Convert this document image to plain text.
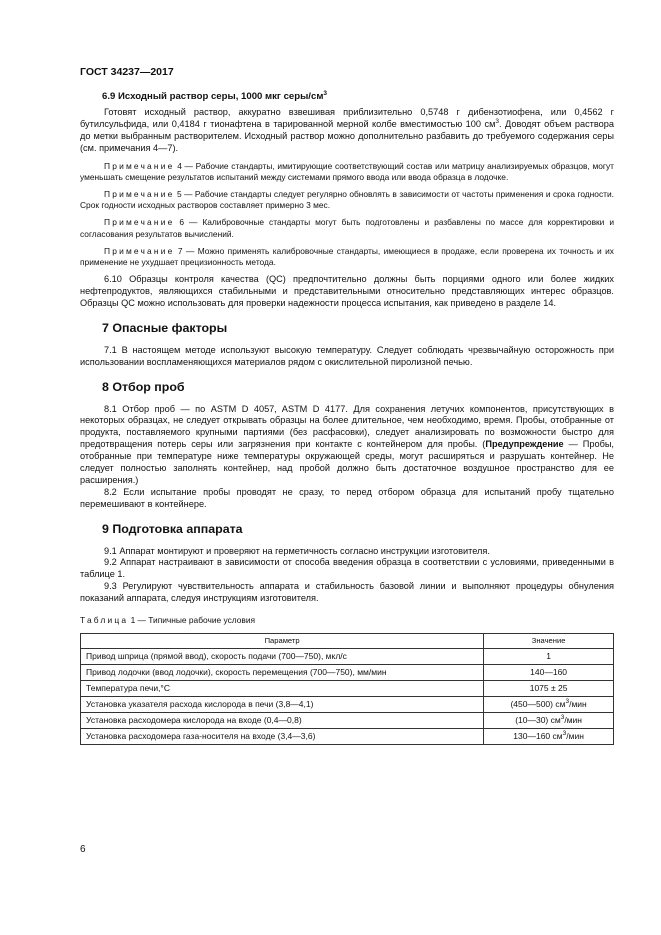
ГОСТ 34237—2017
6.9 Исходный раствор серы, 1000 мкг серы/$см^3$

Готовят исходный раствор, аккуратно взвешивая приблизительно 0,5748 г дибензотиофена, или 0,4562 г бутилсульфида, или 0,4184 г тионафтена в тарированной мерной колбе вместимостью 100 $см^3$. Доводят объем раствора до метки выбранным растворителем. Исходный раствор можно дополнительно разбавить до требуемого содержания серы (см. примечания 4—7).

Примечание 4 — Рабочие стандарты, имитирующие соответствующий состав или матрицу анализируемых образцов, могут уменьшать смещение результатов испытаний между системами прямого ввода или ввода образца в лодочке.

Примечание 5 — Рабочие стандарты следует регулярно обновлять в зависимости от частоты применения и срока годности. Срок годности исходных растворов составляет примерно 3 мес.

Примечание 6 — Калибровочные стандарты могут быть подготовлены и разбавлены по массе для корректировки и согласования результатов вычислений.

Примечание 7 — Можно применять калибровочные стандарты, имеющиеся в продаже, если проверена их точность и их применение не ухудшает прецизионность метода.

6.10 Образцы контроля качества (QC) предпочтительно должны быть порциями одного или более жидких нефтепродуктов, являющихся стабильными и представительными относительно представляющих интерес образцов. Образцы QC можно использовать для проверки надежности процесса испытания, как приведено в разделе 14.

7 Опасные факторы

7.1 В настоящем методе используют высокую температуру. Следует соблюдать чрезвычайную осторожность при использовании воспламеняющихся материалов рядом с окислительной пиролизной печью.

8 Отбор проб

8.1 Отбор проб — по ASTM D 4057, ASTM D 4177. Для сохранения летучих компонентов, присутствующих в некоторых образцах, не следует открывать образцы на более длительное, чем необходимо, время. Пробы, отобранные от продукта, поставляемого крупными партиями (без расфасовки), следует анализировать по возможности быстро для предотвращения потерь серы или загрязнения при контакте с контейнером для пробы. (Предупреждение — Пробы, отобранные при температуре ниже температуры окружающей среды, могут расширяться и разрушать контейнер. Не следует полностью заполнять контейнер, над пробой должно быть достаточное воздушное пространство для ее расширения.)

8.2 Если испытание пробы проводят не сразу, то перед отбором образца для испытаний пробу тщательно перемешивают в контейнере.

9 Подготовка аппарата

9.1 Аппарат монтируют и проверяют на герметичность согласно инструкции изготовителя.

9.2 Аппарат настраивают в зависимости от способа введения образца в соответствии с условиями, приведенными в таблице 1.

9.3 Регулируют чувствительность аппарата и стабильность базовой линии и выполняют процедуры обнуления показаний аппарата, следуя инструкциям изготовителя.

Таблица 1 — Типичные рабочие условия
Параметр	Значение
Привод шприца (прямой ввод), скорость подачи (700—750), мкл/с	1
Привод лодочки (ввод лодочки), скорость перемещения (700—750), мм/мин	140—160
Температура печи,°С	1075 ± 25
Установка указателя расхода кислорода в печи (3,8—4,1)	(450—500) $см^3$/мин
Установка расходомера кислорода на входе (0,4—0,8)	(10—30) $см^3$/мин
Установка расходомера газа-носителя на входе (3,4—3,6)	130—160 $см^3$/мин
6
